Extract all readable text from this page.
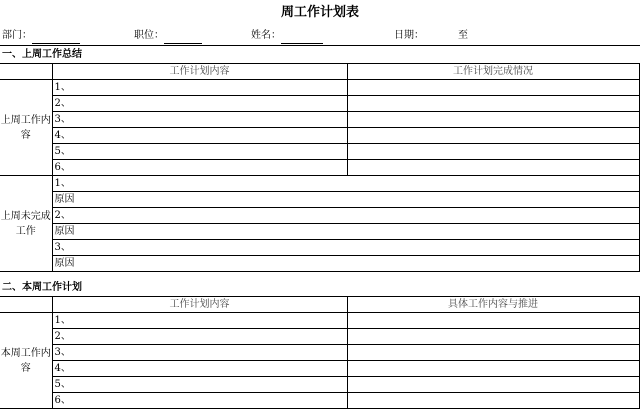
周工作计划表
部门：	职位：	姓名：	日期：	至
一、上周工作总结
	工作计划内容	工作计划完成情况
上周工作内容	1、	
	2、	
	3、	
	4、	
	5、	
	6、	
上周未完成工作	1、	
	原因	
	2、	
	原因	
	3、	
	原因	
二、本周工作计划
	工作计划内容	具体工作内容与推进
本周工作内容	1、	
	2、	
	3、	
	4、	
	5、	
	6、	
